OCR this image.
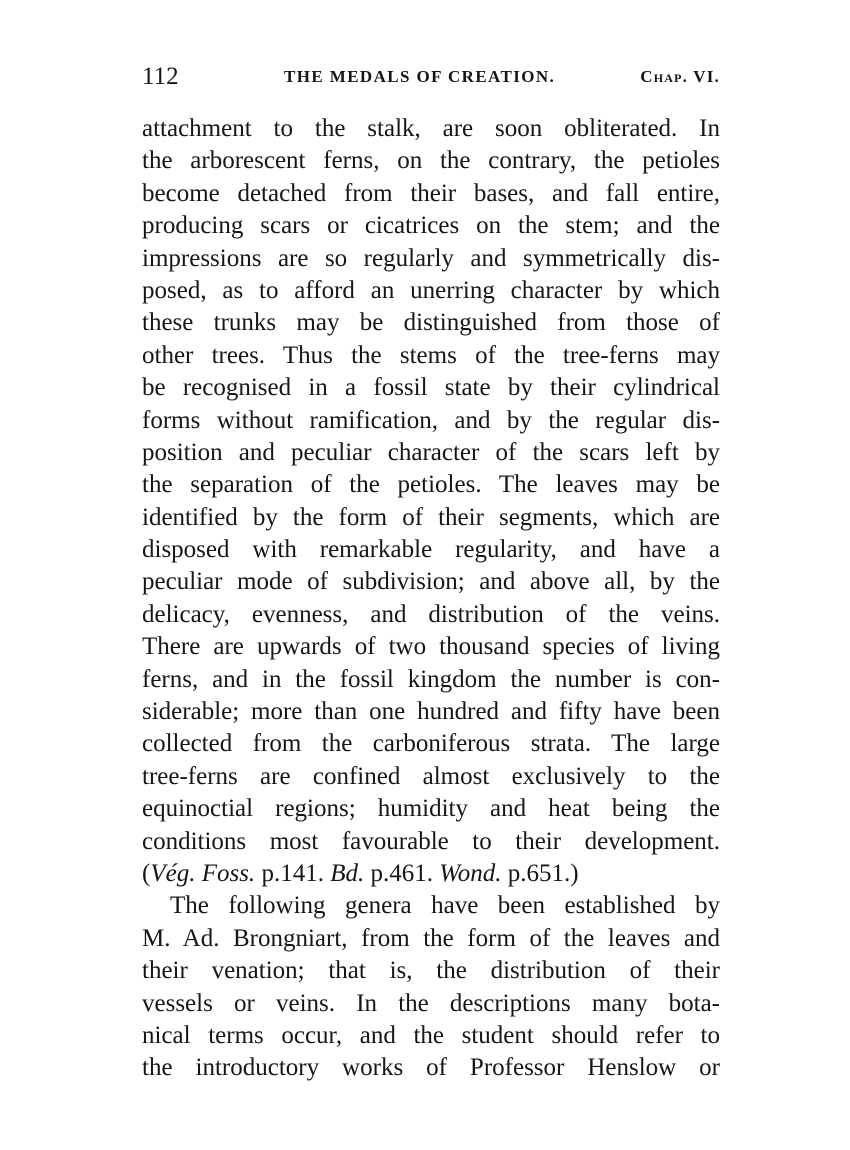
112	THE MEDALS OF CREATION.	Chap. VI.
attachment to the stalk, are soon obliterated. In
the arborescent ferns, on the contrary, the petioles
become detached from their bases, and fall entire,
producing scars or cicatrices on the stem; and the
impressions are so regularly and symmetrically dis-
posed, as to afford an unerring character by which
these trunks may be distinguished from those of
other trees. Thus the stems of the tree-ferns may
be recognised in a fossil state by their cylindrical
forms without ramification, and by the regular dis-
position and peculiar character of the scars left by
the separation of the petioles. The leaves may be
identified by the form of their segments, which are
disposed with remarkable regularity, and have a
peculiar mode of subdivision; and above all, by the
delicacy, evenness, and distribution of the veins.
There are upwards of two thousand species of living
ferns, and in the fossil kingdom the number is con-
siderable; more than one hundred and fifty have been
collected from the carboniferous strata. The large
tree-ferns are confined almost exclusively to the
equinoctial regions; humidity and heat being the
conditions most favourable to their development.
(Vég. Foss. p.141. Bd. p.461. Wond. p.651.)
The following genera have been established by
M. Ad. Brongniart, from the form of the leaves and
their venation; that is, the distribution of their
vessels or veins. In the descriptions many bota-
nical terms occur, and the student should refer to
the introductory works of Professor Henslow or
